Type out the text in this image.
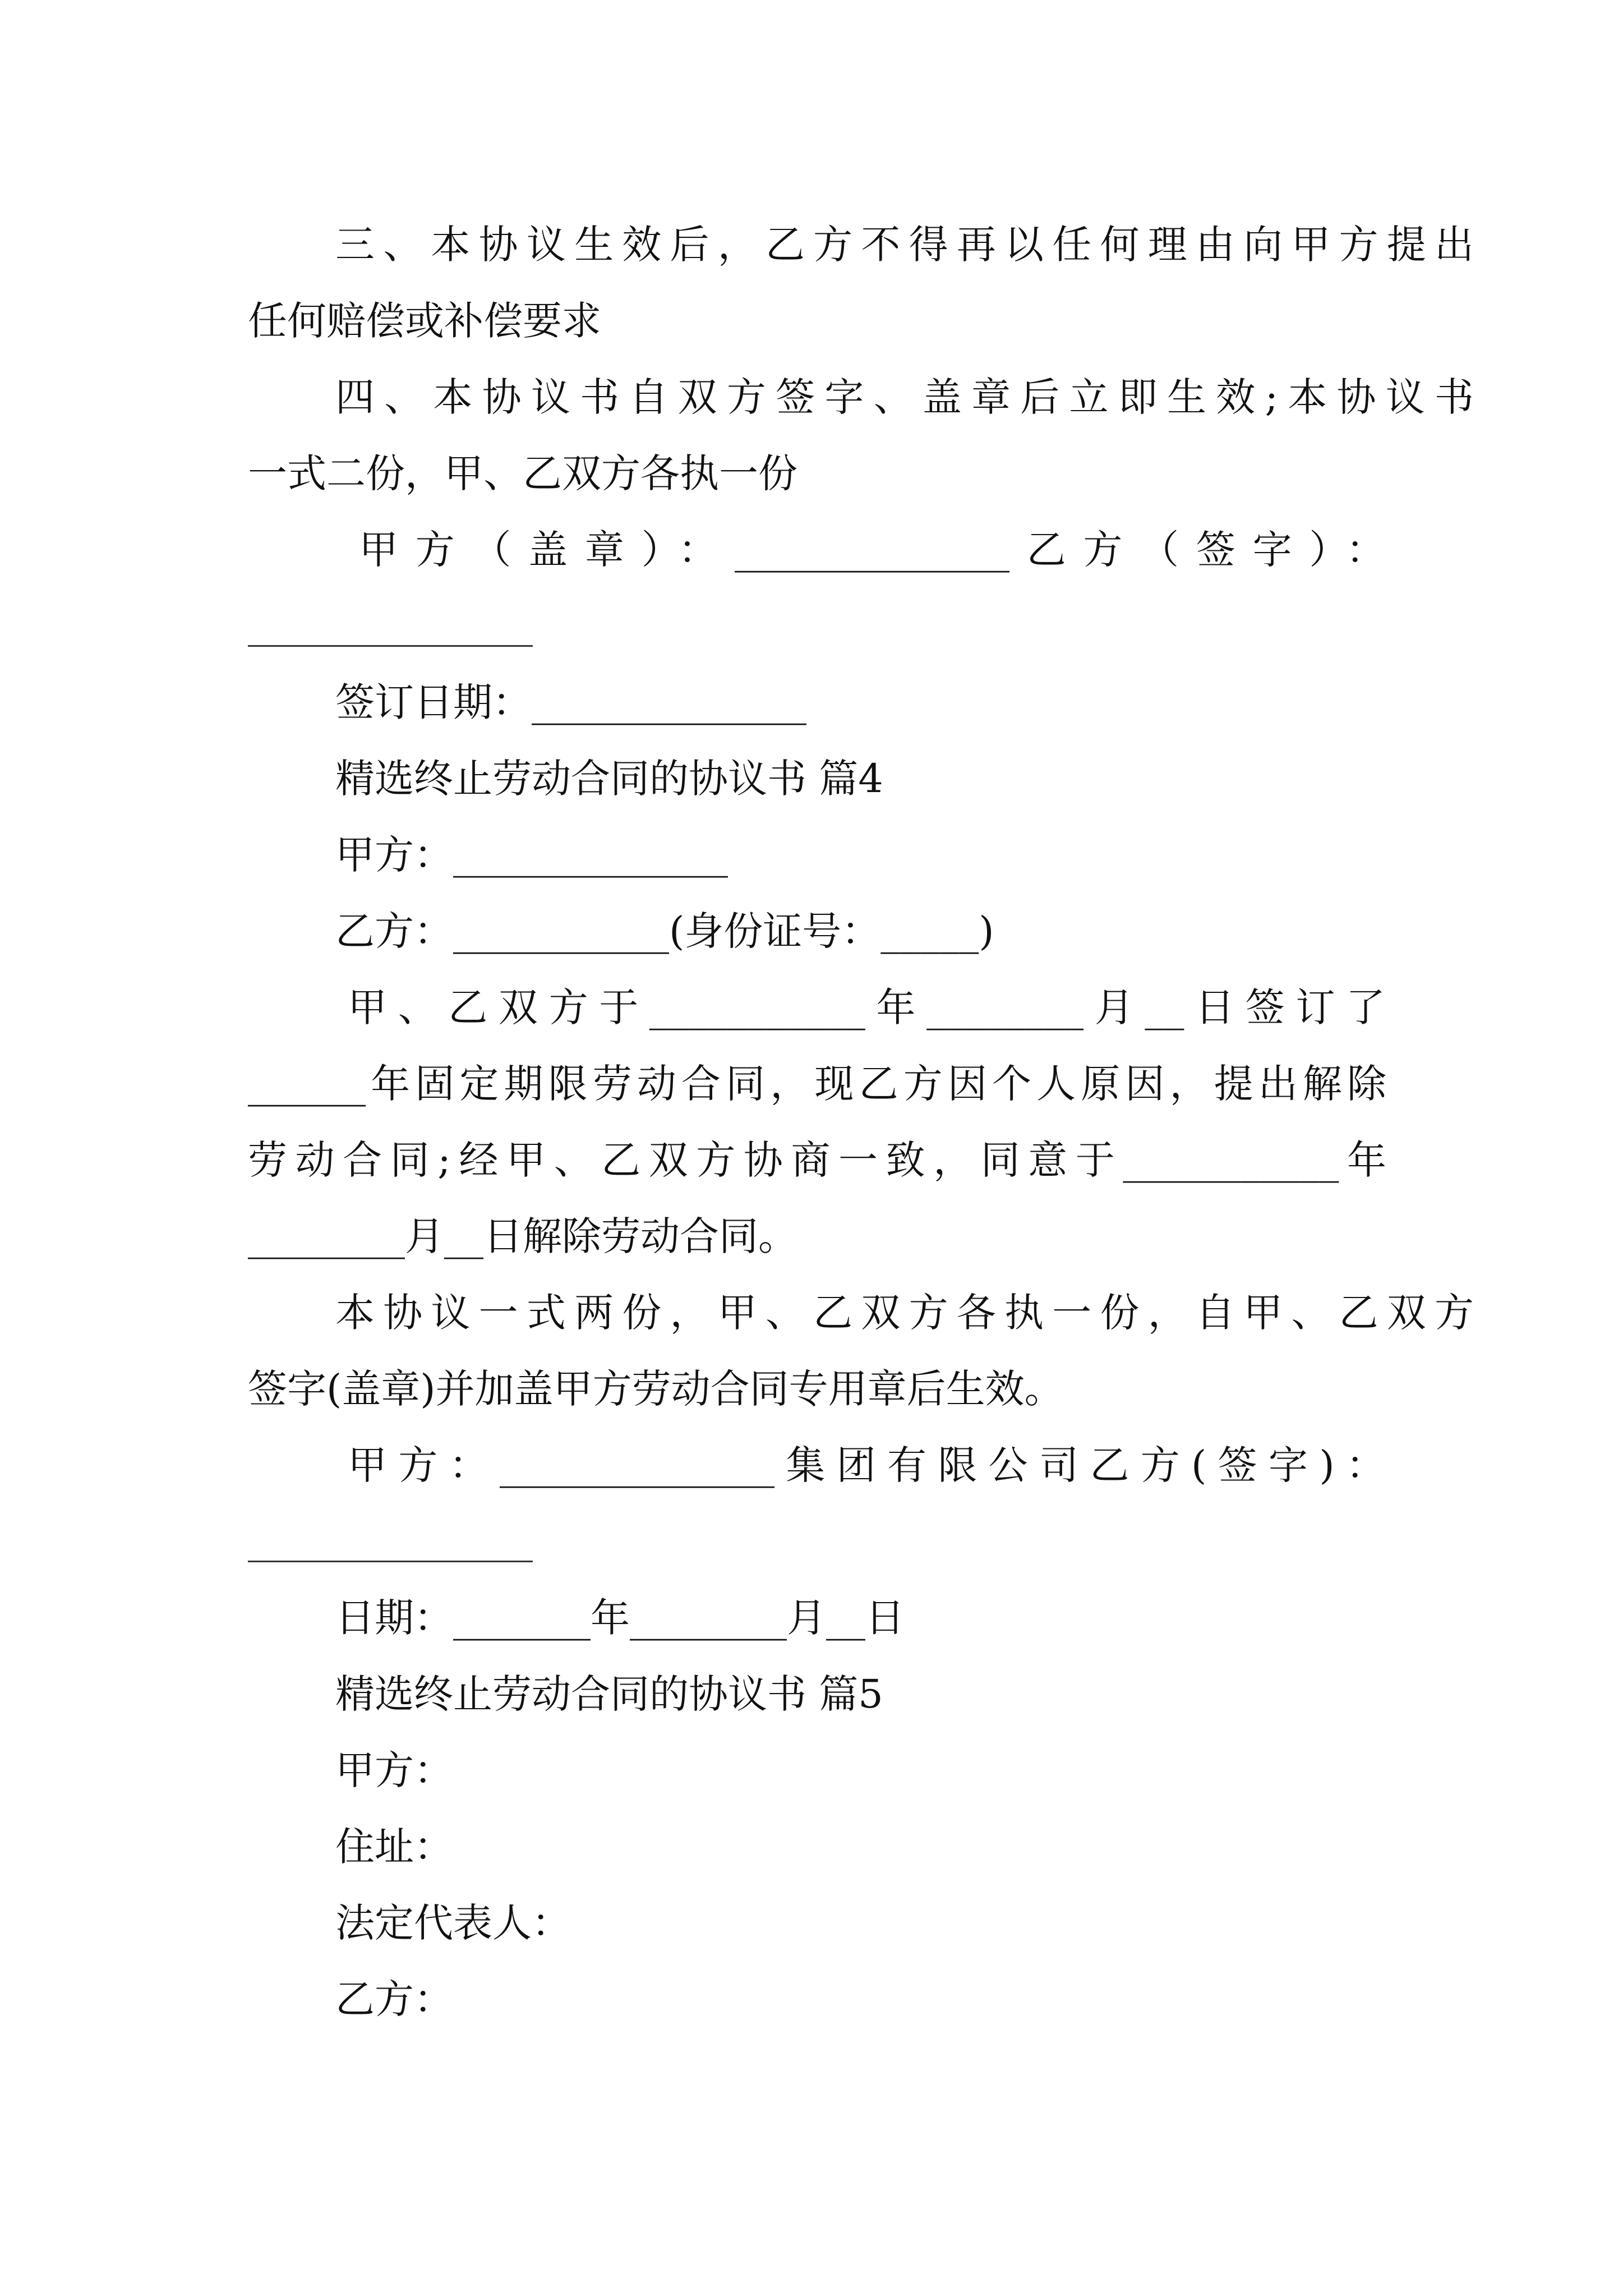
三、本协议生效后，乙方不得再以任何理由向甲方提出
任何赔偿或补偿要求
四、本协议书自双方签字、盖章后立即生效;本协议书
一式二份，甲、乙双方各执一份
甲方（盖章）：______________乙方（签字）：
签订日期：______________
精选终止劳动合同的协议书 篇4
甲方：______________
乙方：___________(身份证号：_____)
甲、乙双方于___________年________月__日签订了
______年固定期限劳动合同，现乙方因个人原因，提出解除
劳动合同;经甲、乙双方协商一致，同意于___________年
________月__日解除劳动合同。
本协议一式两份，甲、乙双方各执一份，自甲、乙双方
签字(盖章)并加盖甲方劳动合同专用章后生效。
甲方：______________集团有限公司乙方(签字)：
日期：_______年________月__日
精选终止劳动合同的协议书 篇5
甲方：
住址：
法定代表人：
乙方：
